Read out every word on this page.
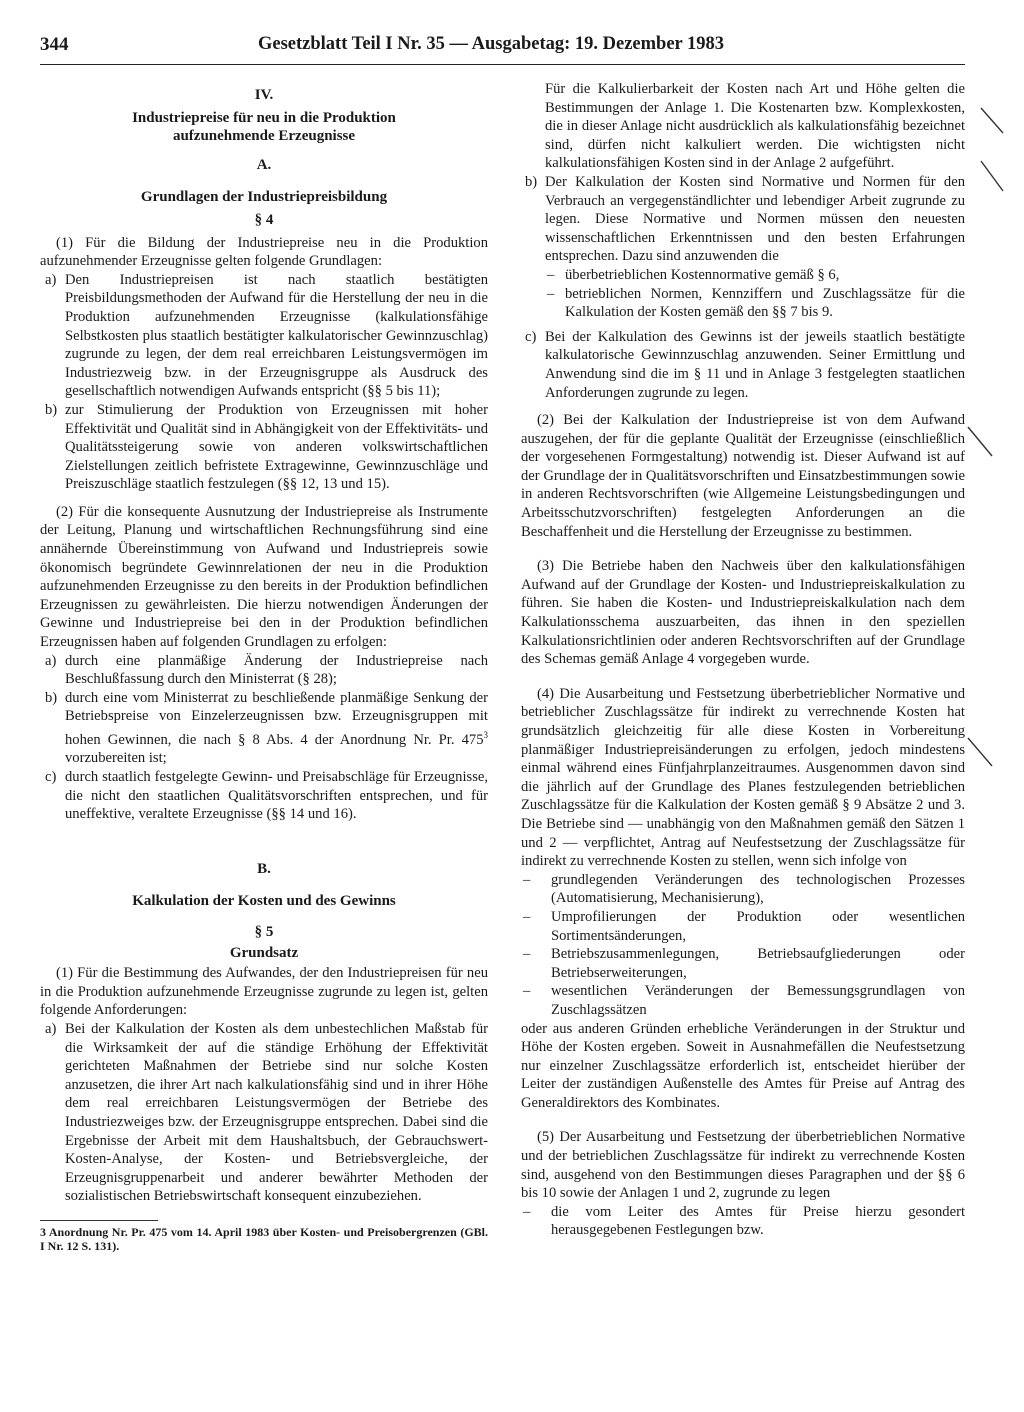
344	Gesetzblatt Teil I Nr. 35 — Ausgabetag: 19. Dezember 1983
IV.
Industriepreise für neu in die Produktion aufzunehmende Erzeugnisse
A.
Grundlagen der Industriepreisbildung
§ 4

(1) Für die Bildung der Industriepreise neu in die Produktion aufzunehmender Erzeugnisse gelten folgende Grundlagen:

a) Den Industriepreisen ist nach staatlich bestätigten Preisbildungsmethoden der Aufwand für die Herstellung der neu in die Produktion aufzunehmenden Erzeugnisse (kalkulationsfähige Selbstkosten plus staatlich bestätigter kalkulatorischer Gewinnzuschlag) zugrunde zu legen, der dem real erreichbaren Leistungsvermögen im Industriezweig bzw. in der Erzeugnisgruppe als Ausdruck des gesellschaftlich notwendigen Aufwands entspricht (§§ 5 bis 11);
b) zur Stimulierung der Produktion von Erzeugnissen mit hoher Effektivität und Qualität sind in Abhängigkeit von der Effektivitäts- und Qualitätssteigerung sowie von anderen volkswirtschaftlichen Zielstellungen zeitlich befristete Extragewinne, Gewinnzuschläge und Preiszuschläge staatlich festzulegen (§§ 12, 13 und 15).

(2) Für die konsequente Ausnutzung der Industriepreise als Instrumente der Leitung, Planung und wirtschaftlichen Rechnungsführung sind eine annähernde Übereinstimmung von Aufwand und Industriepreis sowie ökonomisch begründete Gewinnrelationen der neu in die Produktion aufzunehmenden Erzeugnisse zu den bereits in der Produktion befindlichen Erzeugnissen zu gewährleisten. Die hierzu notwendigen Änderungen der Gewinne und Industriepreise bei den in der Produktion befindlichen Erzeugnissen haben auf folgenden Grundlagen zu erfolgen:

a) durch eine planmäßige Änderung der Industriepreise nach Beschlußfassung durch den Ministerrat (§ 28);
b) durch eine vom Ministerrat zu beschließende planmäßige Senkung der Betriebspreise von Einzelerzeugnissen bzw. Erzeugnisgruppen mit hohen Gewinnen, die nach § 8 Abs. 4 der Anordnung Nr. Pr. $475^3$ vorzubereiten ist;
c) durch staatlich festgelegte Gewinn- und Preisabschläge für Erzeugnisse, die nicht den staatlichen Qualitätsvorschriften entsprechen, und für uneffektive, veraltete Erzeugnisse (§§ 14 und 16).
B.
Kalkulation der Kosten und des Gewinns
§ 5
Grundsatz

(1) Für die Bestimmung des Aufwandes, der den Industriepreisen für neu in die Produktion aufzunehmende Erzeugnisse zugrunde zu legen ist, gelten folgende Anforderungen:

a) Bei der Kalkulation der Kosten als dem unbestechlichen Maßstab für die Wirksamkeit der auf die ständige Erhöhung der Effektivität gerichteten Maßnahmen der Betriebe sind nur solche Kosten anzusetzen, die ihrer Art nach kalkulationsfähig sind und in ihrer Höhe dem real erreichbaren Leistungsvermögen der Betriebe des Industriezweiges bzw. der Erzeugnisgruppe entsprechen. Dabei sind die Ergebnisse der Arbeit mit dem Haushaltsbuch, der Gebrauchswert-Kosten-Analyse, der Kosten- und Betriebsvergleiche, der Erzeugnisgruppenarbeit und anderer bewährter Methoden der sozialistischen Betriebswirtschaft konsequent einzubeziehen.
3 Anordnung Nr. Pr. 475 vom 14. April 1983 über Kosten- und Preisobergrenzen (GBl. I Nr. 12 S. 131).

Für die Kalkulierbarkeit der Kosten nach Art und Höhe gelten die Bestimmungen der Anlage 1. Die Kostenarten bzw. Komplexkosten, die in dieser Anlage nicht ausdrücklich als kalkulationsfähig bezeichnet sind, dürfen nicht kalkuliert werden. Die wichtigsten nicht kalkulationsfähigen Kosten sind in der Anlage 2 aufgeführt.

b) Der Kalkulation der Kosten sind Normative und Normen für den Verbrauch an vergegenständlichter und lebendiger Arbeit zugrunde zu legen. Diese Normative und Normen müssen den neuesten wissenschaftlichen Erkenntnissen und den besten Erfahrungen entsprechen. Dazu sind anzuwenden die
– überbetrieblichen Kostennormative gemäß § 6,
– betrieblichen Normen, Kennziffern und Zuschlagssätze für die Kalkulation der Kosten gemäß den §§ 7 bis 9.
c) Bei der Kalkulation des Gewinns ist der jeweils staatlich bestätigte kalkulatorische Gewinnzuschlag anzuwenden. Seiner Ermittlung und Anwendung sind die im § 11 und in Anlage 3 festgelegten staatlichen Anforderungen zugrunde zu legen.

(2) Bei der Kalkulation der Industriepreise ist von dem Aufwand auszugehen, der für die geplante Qualität der Erzeugnisse (einschließlich der vorgesehenen Formgestaltung) notwendig ist. Dieser Aufwand ist auf der Grundlage der in Qualitätsvorschriften und Einsatzbestimmungen sowie in anderen Rechtsvorschriften (wie Allgemeine Leistungsbedingungen und Arbeitsschutzvorschriften) festgelegten Anforderungen an die Beschaffenheit und die Herstellung der Erzeugnisse zu bestimmen.

(3) Die Betriebe haben den Nachweis über den kalkulationsfähigen Aufwand auf der Grundlage der Kosten- und Industriepreiskalkulation zu führen. Sie haben die Kosten- und Industriepreiskalkulation nach dem Kalkulationsschema auszuarbeiten, das ihnen in den speziellen Kalkulationsrichtlinien oder anderen Rechtsvorschriften auf der Grundlage des Schemas gemäß Anlage 4 vorgegeben wurde.

(4) Die Ausarbeitung und Festsetzung überbetrieblicher Normative und betrieblicher Zuschlagssätze für indirekt zu verrechnende Kosten hat grundsätzlich gleichzeitig für alle diese Kosten in Vorbereitung planmäßiger Industriepreisänderungen zu erfolgen, jedoch mindestens einmal während eines Fünfjahrplanzeitraumes. Ausgenommen davon sind die jährlich auf der Grundlage des Planes festzulegenden betrieblichen Zuschlagssätze für die Kalkulation der Kosten gemäß § 9 Absätze 2 und 3. Die Betriebe sind — unabhängig von den Maßnahmen gemäß den Sätzen 1 und 2 — verpflichtet, Antrag auf Neufestsetzung der Zuschlagssätze für indirekt zu verrechnende Kosten zu stellen, wenn sich infolge von

– grundlegenden Veränderungen des technologischen Prozesses (Automatisierung, Mechanisierung),
– Umprofilierungen der Produktion oder wesentlichen Sortimentsänderungen,
– Betriebszusammenlegungen, Betriebsaufgliederungen oder Betriebserweiterungen,
– wesentlichen Veränderungen der Bemessungsgrundlagen von Zuschlagssätzen

oder aus anderen Gründen erhebliche Veränderungen in der Struktur und Höhe der Kosten ergeben. Soweit in Ausnahmefällen die Neufestsetzung nur einzelner Zuschlagssätze erforderlich ist, entscheidet hierüber der Leiter der zuständigen Außenstelle des Amtes für Preise auf Antrag des Generaldirektors des Kombinates.

(5) Der Ausarbeitung und Festsetzung der überbetrieblichen Normative und der betrieblichen Zuschlagssätze für indirekt zu verrechnende Kosten sind, ausgehend von den Bestimmungen dieses Paragraphen und der §§ 6 bis 10 sowie der Anlagen 1 und 2, zugrunde zu legen

– die vom Leiter des Amtes für Preise hierzu gesondert herausgegebenen Festlegungen bzw.
